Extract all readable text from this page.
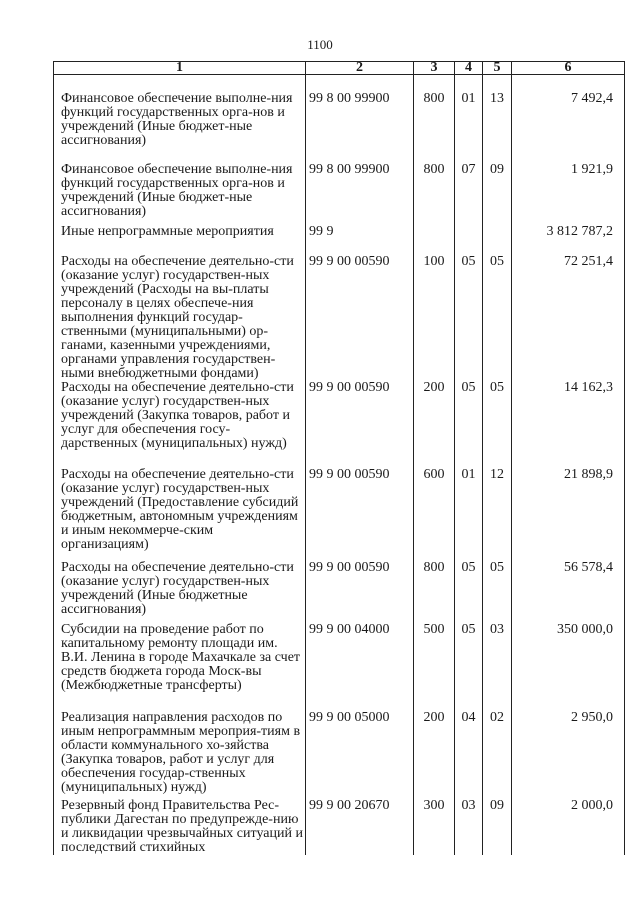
1100
1	2	3	4	5	6
Финансовое обеспечение выполне-ния функций государственных орга-нов и учреждений (Иные бюджет-ные ассигнования)	99 8 00 99900	800	01	13	7 492,4
Финансовое обеспечение выполне-ния функций государственных орга-нов и учреждений (Иные бюджет-ные ассигнования)	99 8 00 99900	800	07	09	1 921,9
Иные непрограммные мероприятия	99 9				3 812 787,2
Расходы на обеспечение деятельно-сти (оказание услуг) государствен-ных учреждений (Расходы на вы-платы персоналу в целях обеспече-ния выполнения функций государ-ственными (муниципальными) ор-ганами, казенными учреждениями, органами управления государствен-ными внебюджетными фондами)	99 9 00 00590	100	05	05	72 251,4
Расходы на обеспечение деятельно-сти (оказание услуг) государствен-ных учреждений (Закупка товаров, работ и услуг для обеспечения госу-дарственных (муниципальных) нужд)	99 9 00 00590	200	05	05	14 162,3
Расходы на обеспечение деятельно-сти (оказание услуг) государствен-ных учреждений (Предоставление субсидий бюджетным, автономным учреждениям и иным некоммерче-ским организациям)	99 9 00 00590	600	01	12	21 898,9
Расходы на обеспечение деятельно-сти (оказание услуг) государствен-ных учреждений (Иные бюджетные ассигнования)	99 9 00 00590	800	05	05	56 578,4
Субсидии на проведение работ по капитальному ремонту площади им. В.И. Ленина в городе Махачкале за счет средств бюджета города Моск-вы (Межбюджетные трансферты)	99 9 00 04000	500	05	03	350 000,0
Реализация направления расходов по иным непрограммным мероприя-тиям в области коммунального хо-зяйства (Закупка товаров, работ и услуг для обеспечения государ-ственных (муниципальных) нужд)	99 9 00 05000	200	04	02	2 950,0
Резервный фонд Правительства Рес-публики Дагестан по предупрежде-нию и ликвидации чрезвычайных ситуаций и последствий стихийных	99 9 00 20670	300	03	09	2 000,0
